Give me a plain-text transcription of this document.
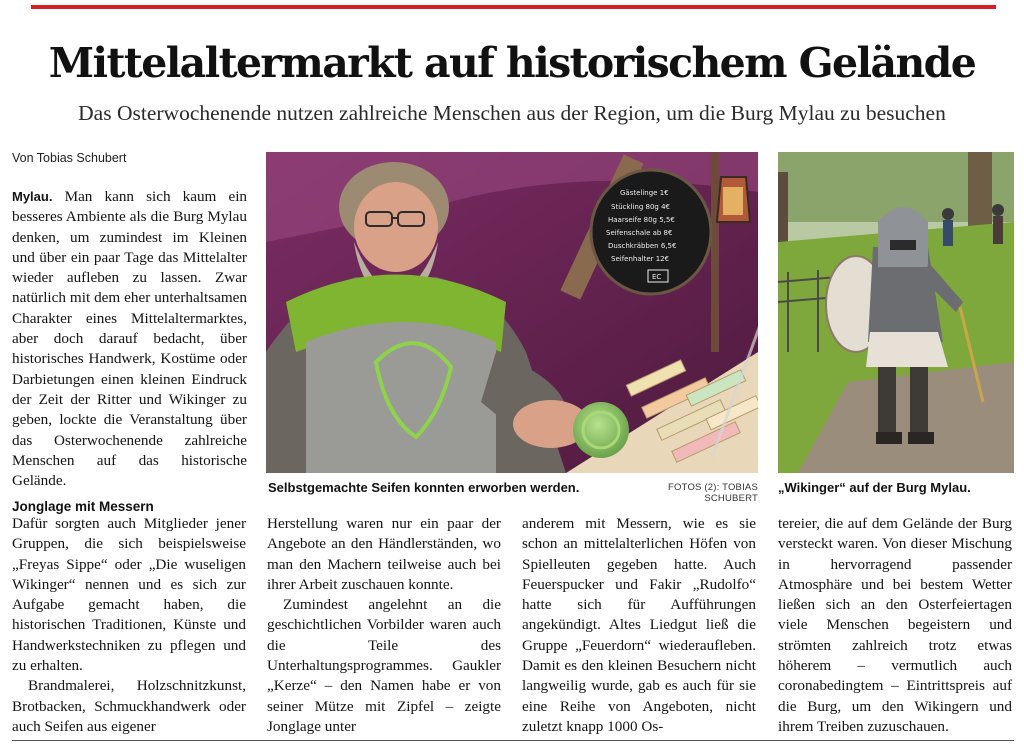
Mittelaltermarkt auf historischem Gelände

Das Osterwochenende nutzen zahlreiche Menschen aus der Region, um die Burg Mylau zu besuchen

Von Tobias Schubert

Mylau. Man kann sich kaum ein besseres Ambiente als die Burg Mylau denken, um zumindest im Kleinen und über ein paar Tage das Mittelalter wieder aufleben zu lassen. Zwar natürlich mit dem eher unterhaltsamen Charakter eines Mittelaltermarktes, aber doch darauf bedacht, über historisches Handwerk, Kostüme oder Darbietungen einen kleinen Eindruck der Zeit der Ritter und Wikinger zu geben, lockte die Veranstaltung über das Osterwochenende zahlreiche Menschen auf das historische Gelände.

Jonglage mit Messern

Dafür sorgten auch Mitglieder jener Gruppen, die sich beispielsweise „Freyas Sippe“ oder „Die wuseligen Wikinger“ nennen und es sich zur Aufgabe gemacht haben, die historischen Traditionen, Künste und Handwerkstechniken zu pflegen und zu erhalten.

Brandmalerei, Holzschnitzkunst, Brotbacken, Schmuckhandwerk oder auch Seifen aus eigener

Herstellung waren nur ein paar der Angebote an den Händlerständen, wo man den Machern teilweise auch bei ihrer Arbeit zuschauen konnte.

Zumindest angelehnt an die geschichtlichen Vorbilder waren auch die Teile des Unterhaltungsprogrammes. Gaukler „Kerze“ – den Namen habe er von seiner Mütze mit Zipfel – zeigte Jonglage unter

anderem mit Messern, wie es sie schon an mittelalterlichen Höfen von Spielleuten gegeben hatte. Auch Feuerspucker und Fakir „Rudolfo“ hatte sich für Aufführungen angekündigt. Altes Liedgut ließ die Gruppe „Feuerdorn“ wiederaufleben. Damit es den kleinen Besuchern nicht langweilig wurde, gab es auch für sie eine Reihe von Angeboten, nicht zuletzt knapp 1000 Os-

tereier, die auf dem Gelände der Burg versteckt waren. Von dieser Mischung in hervorragend passender Atmosphäre und bei bestem Wetter ließen sich an den Osterfeiertagen viele Menschen begeistern und strömten zahlreich trotz etwas höherem – vermutlich auch coronabedingtem – Eintrittspreis auf die Burg, um den Wikingern und ihrem Treiben zuzuschauen.

Gästelinge 1€
Stückling 80g 4€
Haarseife 80g 5,5€
Seifenschale ab 8€
Duschkräbben 6,5€
Seifenhalter 12€
EC

Selbstgemachte Seifen konnten erworben werden.	FOTOS (2): TOBIAS SCHUBERT

„Wikinger“ auf der Burg Mylau.
